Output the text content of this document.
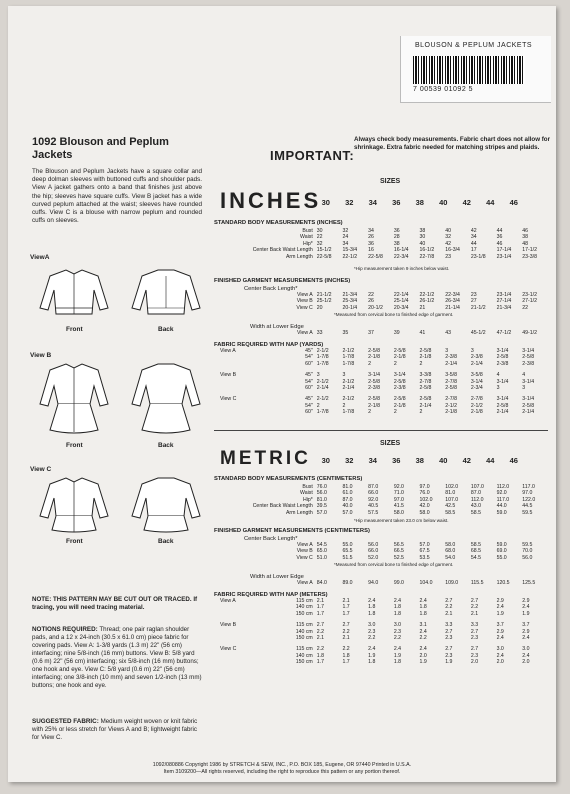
BLOUSON & PEPLUM JACKETS
7 00539 01092 5
1092 Blouson and Peplum Jackets

The Blouson and Peplum Jackets have a square collar and deep dolman sleeves with buttoned cuffs and shoulder pads. View A jacket gathers onto a band that finishes just above the hip; sleeves have square cuffs. View B jacket has a wide curved peplum attached at the waist; sleeves have rounded cuffs. View C is a blouse with narrow peplum and rounded cuffs on sleeves.

ViewA
Front	Back
View B
Front	Back
View C
Front	Back
NOTE: THIS PATTERN MAY BE CUT OUT OR TRACED. If tracing, you will need tracing material.
NOTIONS REQUIRED: Thread; one pair raglan shoulder pads, and a 12 x 24-inch (30.5 x 61.0 cm) piece fabric for covering pads. View A: 1-3/8 yards (1.3 m) 22" (56 cm) interfacing; nine 5/8-inch (16 mm) buttons. View B: 5/8 yard (0.6 m) 22" (56 cm) interfacing; six 5/8-inch (16 mm) buttons; one hook and eye. View C: 5/8 yard (0.6 m) 22" (56 cm) interfacing; one 3/8-inch (10 mm) and seven 1/2-inch (13 mm) buttons; one hook and eye.
SUGGESTED FABRIC: Medium weight woven or knit fabric with 25% or less stretch for Views A and B; lightweight fabric for View C.
IMPORTANT:
Always check body measurements. Fabric chart does not allow for shrinkage. Extra fabric needed for matching stripes and plaids.
SIZES
INCHES 30 32 34 36 38 40 42 44 46
STANDARD BODY MEASUREMENTS (INCHES)
Bust	30	32	34	36	38	40	42	44	46
Waist	22	24	26	28	30	32	34	36	38
Hip*	32	34	36	38	40	42	44	46	48
Center Back Waist Length	15-1/2	15-3/4	16	16-1/4	16-1/2	16-3/4	17	17-1/4	17-1/2
Arm Length	22-5/8	22-1/2	22-5/8	22-3/4	22-7/8	23	23-1/8	23-1/4	23-3/8
*Hip measurement taken 9 inches below waist.
FINISHED GARMENT MEASUREMENTS (INCHES)
Center Back Length*
View A	21-1/2	21-3/4	22	22-1/4	22-1/2	22-3/4	23	23-1/4	23-1/2
View B	25-1/2	25-3/4	26	25-1/4	26-1/2	26-3/4	27	27-1/4	27-1/2
View C	20	20-1/4	20-1/2	20-3/4	21	21-1/4	21-1/2	21-3/4	22
*Measured from cervical bone to finished edge of garment.
Width at Lower Edge
View A	33	35	37	39	41	43	45-1/2	47-1/2	49-1/2
FABRIC REQUIRED WITH NAP (YARDS)
View A	45"	2-1/2	2-1/2	2-5/8	2-5/8	2-5/8	3	3	3-1/4	3-1/4
	54"	1-7/8	1-7/8	2-1/8	2-1/8	2-1/8	2-3/8	2-3/8	2-5/8	2-5/8
	60"	1-7/8	1-7/8	2	2	2	2-1/4	2-1/4	2-3/8	2-3/8

View B	45"	3	3	3-1/4	3-1/4	3-3/8	3-5/8	3-5/8	4	4
	54"	2-1/2	2-1/2	2-5/8	2-5/8	2-7/8	2-7/8	3-1/4	3-1/4	3-1/4
	60"	2-1/4	2-1/4	2-3/8	2-3/8	2-5/8	2-5/8	2-3/4	3	3

View C	45"	2-1/2	2-1/2	2-5/8	2-5/8	2-5/8	2-7/8	2-7/8	3-1/4	3-1/4
	54"	2	2	2-1/8	2-1/8	2-1/4	2-1/2	2-1/2	2-5/8	2-5/8
	60"	1-7/8	1-7/8	2	2	2	2-1/8	2-1/8	2-1/4	2-1/4
SIZES
METRIC	30 32 34 36 38 40 42 44 46
STANDARD BODY MEASUREMENTS (CENTIMETERS)
Bust	76.0	81.0	87.0	92.0	97.0	102.0	107.0	112.0	117.0
Waist	56.0	61.0	66.0	71.0	76.0	81.0	87.0	92.0	97.0
Hip*	81.0	87.0	92.0	97.0	102.0	107.0	112.0	117.0	122.0
Center Back Waist Length	39.5	40.0	40.5	41.5	42.0	42.5	43.0	44.0	44.5
Arm Length	57.0	57.0	57.5	58.0	58.0	58.5	58.5	59.0	59.5
*Hip measurement taken 23.0 cm below waist.
FINISHED GARMENT MEASUREMENTS (CENTIMETERS)
Center Back Length*
View A	54.5	55.0	56.0	56.5	57.0	58.0	58.5	59.0	59.5
View B	65.0	65.5	66.0	66.5	67.5	68.0	68.5	69.0	70.0
View C	51.0	51.5	52.0	52.5	53.5	54.0	54.5	55.0	56.0
*Measured from cervical bone to finished edge of garment.
Width at Lower Edge
View A	84.0	89.0	94.0	99.0	104.0	109.0	115.5	120.5	125.5
FABRIC REQUIRED WITH NAP (METERS)
View A	115 cm	2.1	2.1	2.4	2.4	2.4	2.7	2.7	2.9	2.9
	140 cm	1.7	1.7	1.8	1.8	1.8	2.2	2.2	2.4	2.4
	150 cm	1.7	1.7	1.8	1.8	1.8	2.1	2.1	1.9	1.9

View B	115 cm	2.7	2.7	3.0	3.0	3.1	3.3	3.3	3.7	3.7
	140 cm	2.2	2.2	2.3	2.3	2.4	2.7	2.7	2.9	2.9
	150 cm	2.1	2.1	2.2	2.2	2.2	2.3	2.3	2.4	2.4

View C	115 cm	2.2	2.2	2.4	2.4	2.4	2.7	2.7	3.0	3.0
	140 cm	1.8	1.8	1.9	1.9	2.0	2.3	2.3	2.4	2.4
	150 cm	1.7	1.7	1.8	1.8	1.9	1.9	2.0	2.0	2.0
1092/080886 Copyright 1986 by STRETCH & SEW, INC., P.O. BOX 185, Eugene, OR 97440 Printed in U.S.A.
Item 3109200—All rights reserved, including the right to reproduce this pattern or any portion thereof.
